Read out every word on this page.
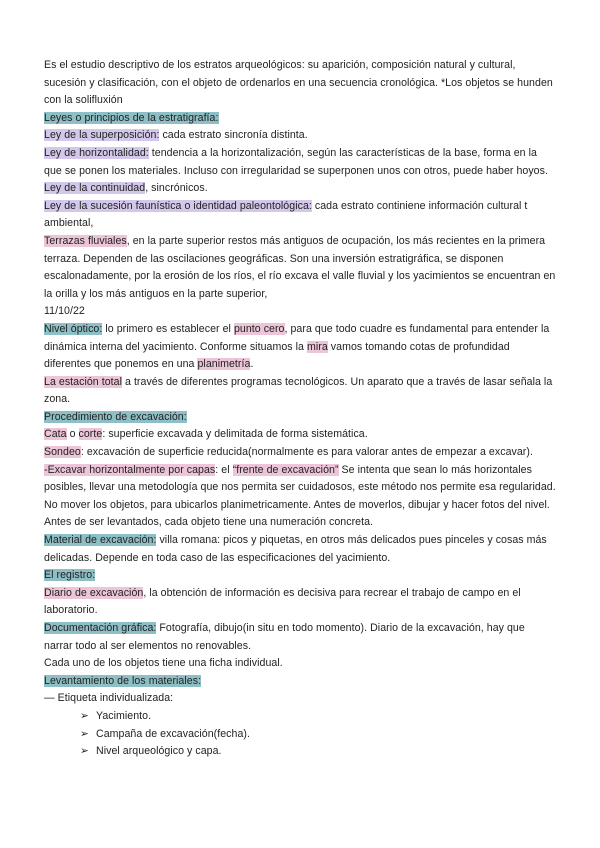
Es el estudio descriptivo de los estratos arqueológicos: su aparición, composición natural y cultural, sucesión y clasificación, con el objeto de ordenarlos en una secuencia cronológica. *Los objetos se hunden con la solifluxión

Leyes o principios de la estratigrafía:

Ley de la superposición: cada estrato sincronía distinta.

Ley de horizontalidad: tendencia a la horizontalización, según las características de la base, forma en la que se ponen los materiales. Incluso con irregularidad se superponen unos con otros, puede haber hoyos.

Ley de la continuidad, sincrónicos.

Ley de la sucesión faunística o identidad paleontológica: cada estrato continiene información cultural t ambiental,

Terrazas fluviales, en la parte superior restos más antiguos de ocupación, los más recientes en la primera terraza. Dependen de las oscilaciones geográficas. Son una inversión estratigráfica, se disponen escalonadamente, por la erosión de los ríos, el río excava el valle fluvial y los yacimientos se encuentran en la orilla y los más antiguos en la parte superior,

11/10/22

Nivel óptico: lo primero es establecer el punto cero, para que todo cuadre es fundamental para entender la dinámica interna del yacimiento. Conforme situamos la mira vamos tomando cotas de profundidad diferentes que ponemos en una planimetría.

La estación total a través de diferentes programas tecnológicos. Un aparato que a través de lasar señala la zona.

Procedimiento de excavación:

Cata o corte: superficie excavada y delimitada de forma sistemática.

Sondeo: excavación de superficie reducida(normalmente es para valorar antes de empezar a excavar).

-Excavar horizontalmente por capas: el “frente de excavación” Se intenta que sean lo más horizontales posibles, llevar una metodología que nos permita ser cuidadosos, este método nos permite esa regularidad.

No mover los objetos, para ubicarlos planimetricamente. Antes de moverlos, dibujar y hacer fotos del nivel. Antes de ser levantados, cada objeto tiene una numeración concreta.

Material de excavación: villa romana: picos y piquetas, en otros más delicados pues pinceles y cosas más delicadas. Depende en toda caso de las especificaciones del yacimiento.

El registro:

Diario de excavación, la obtención de información es decisiva para recrear el trabajo de campo en el laboratorio.

Documentación gráfica: Fotografía, dibujo(in situ en todo momento). Diario de la excavación, hay que narrar todo al ser elementos no renovables.

Cada uno de los objetos tiene una ficha individual.

Levantamiento de los materiales:

— Etiqueta individualizada:

➢ Yacimiento.

➢ Campaña de excavación(fecha).

➢ Nivel arqueológico y capa.
